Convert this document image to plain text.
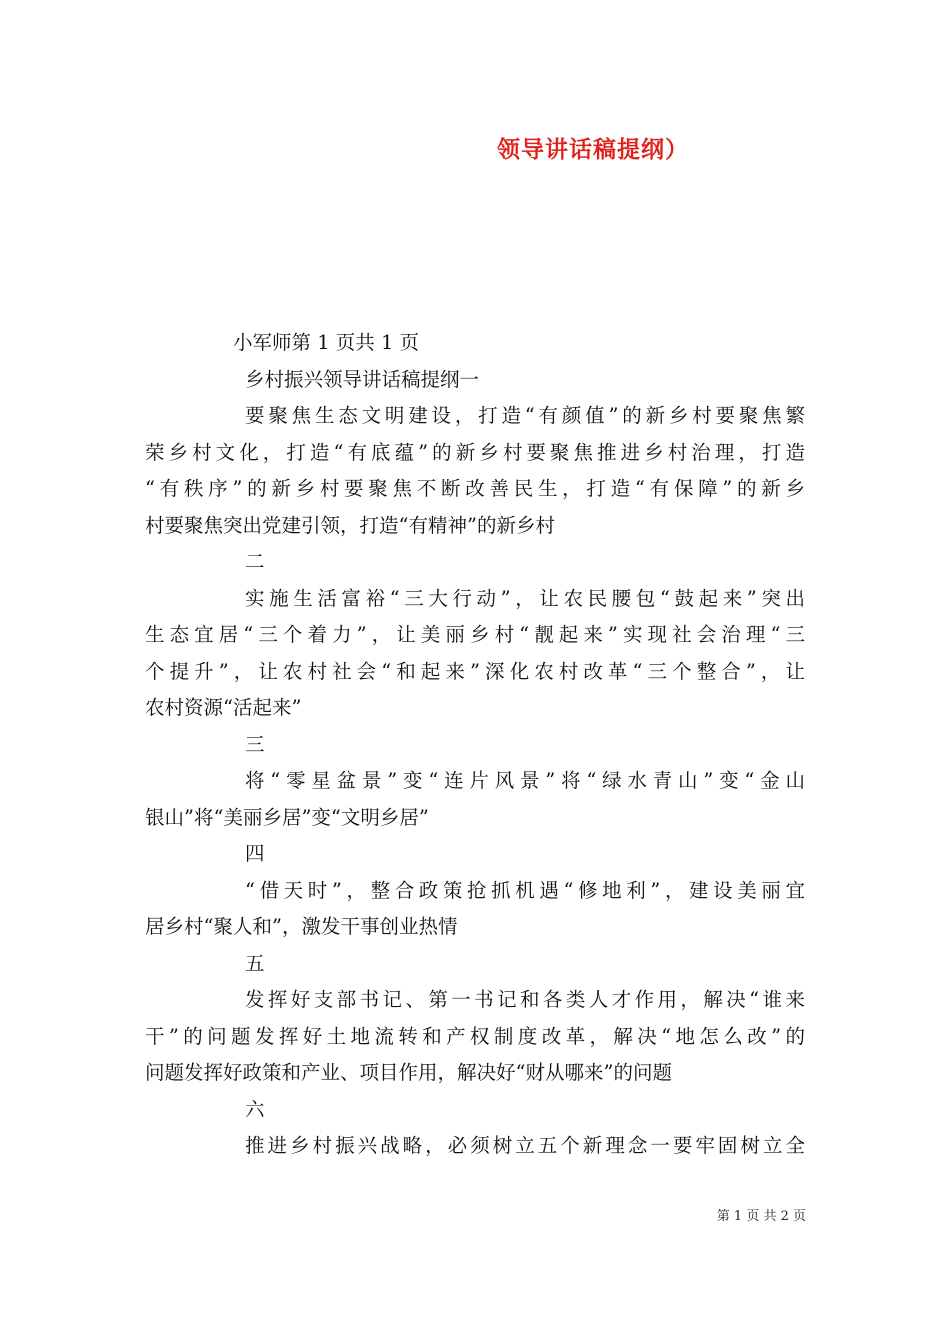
领导讲话稿提纲）
小军师第 1 页共 1 页
乡村振兴领导讲话稿提纲一
要聚焦生态文明建设，打造“有颜值”的新乡村要聚焦繁
荣乡村文化，打造“有底蕴”的新乡村要聚焦推进乡村治理，打造
“有秩序”的新乡村要聚焦不断改善民生，打造“有保障”的新乡
村要聚焦突出党建引领，打造“有精神”的新乡村
二
实施生活富裕“三大行动”，让农民腰包“鼓起来”突出
生态宜居“三个着力”，让美丽乡村“靓起来”实现社会治理“三
个提升”，让农村社会“和起来”深化农村改革“三个整合”，让
农村资源“活起来”
三
将“零星盆景”变“连片风景”将“绿水青山”变“金山
银山”将“美丽乡居”变“文明乡居”
四
“借天时”，整合政策抢抓机遇“修地利”，建设美丽宜
居乡村“聚人和”，激发干事创业热情
五
发挥好支部书记、第一书记和各类人才作用，解决“谁来
干”的问题发挥好土地流转和产权制度改革，解决“地怎么改”的
问题发挥好政策和产业、项目作用，解决好“财从哪来”的问题
六
推进乡村振兴战略，必须树立五个新理念一要牢固树立全
第 1 页 共 2 页
